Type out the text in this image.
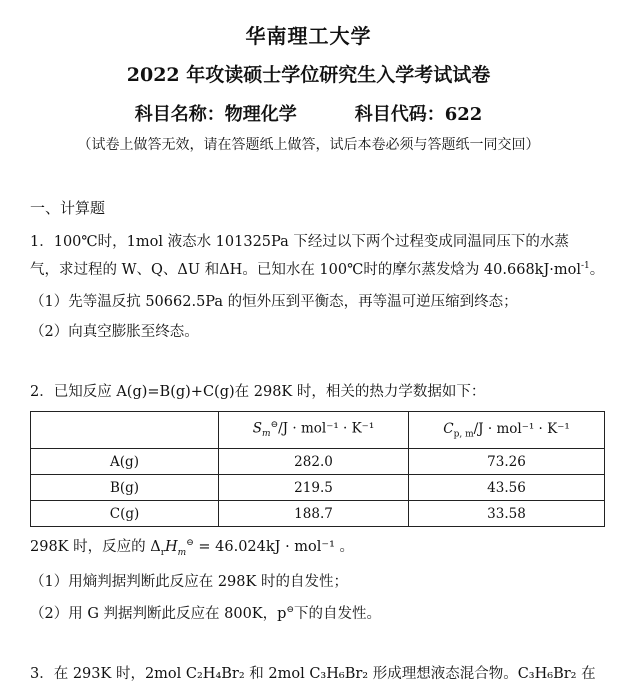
华南理工大学
2022 年攻读硕士学位研究生入学考试试卷
科目名称：物理化学	科目代码：622
（试卷上做答无效，请在答题纸上做答，试后本卷必须与答题纸一同交回）
一、计算题
1．100℃时，1mol 液态水 101325Pa 下经过以下两个过程变成同温同压下的水蒸
气，求过程的 W、Q、ΔU 和ΔH。已知水在 100℃时的摩尔蒸发焓为 40.668kJ·mol$^{-1}$。
（1）先等温反抗 50662.5Pa 的恒外压到平衡态，再等温可逆压缩到终态；
（2）向真空膨胀至终态。
2．已知反应 A(g)=B(g)+C(g)在 298K 时，相关的热力学数据如下：
	$S_m^⊖/J \cdot mol^{-1} \cdot K^{-1}$	$C_{p, m}/J \cdot mol^{-1} \cdot K^{-1}$
A(g)	282.0	73.26
B(g)	219.5	43.56
C(g)	188.7	33.58
298K 时，反应的 $\Delta_rH_m^⊖ = 46.024kJ \cdot mol^{-1}$ 。
（1）用熵判据判断此反应在 298K 时的自发性；
（2）用 G 判据判断此反应在 800K，p⊖下的自发性。
3．在 293K 时，2mol C₂H₄Br₂ 和 2mol C₃H₆Br₂ 形成理想液态混合物。C₃H₆Br₂ 在
